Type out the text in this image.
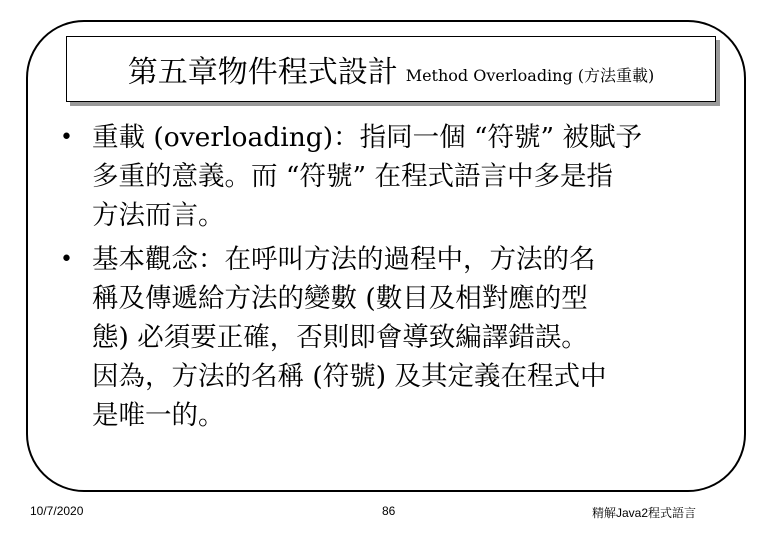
第五章物件程式設計 Method Overloading (方法重載)
• 重載 (overloading)：指同一個 “符號” 被賦予
多重的意義。而 “符號” 在程式語言中多是指
方法而言。
• 基本觀念：在呼叫方法的過程中，方法的名
稱及傳遞給方法的變數 (數目及相對應的型
態) 必須要正確，否則即會導致編譯錯誤。
因為，方法的名稱 (符號) 及其定義在程式中
是唯一的。
10/7/2020	86	精解Java2程式語言
